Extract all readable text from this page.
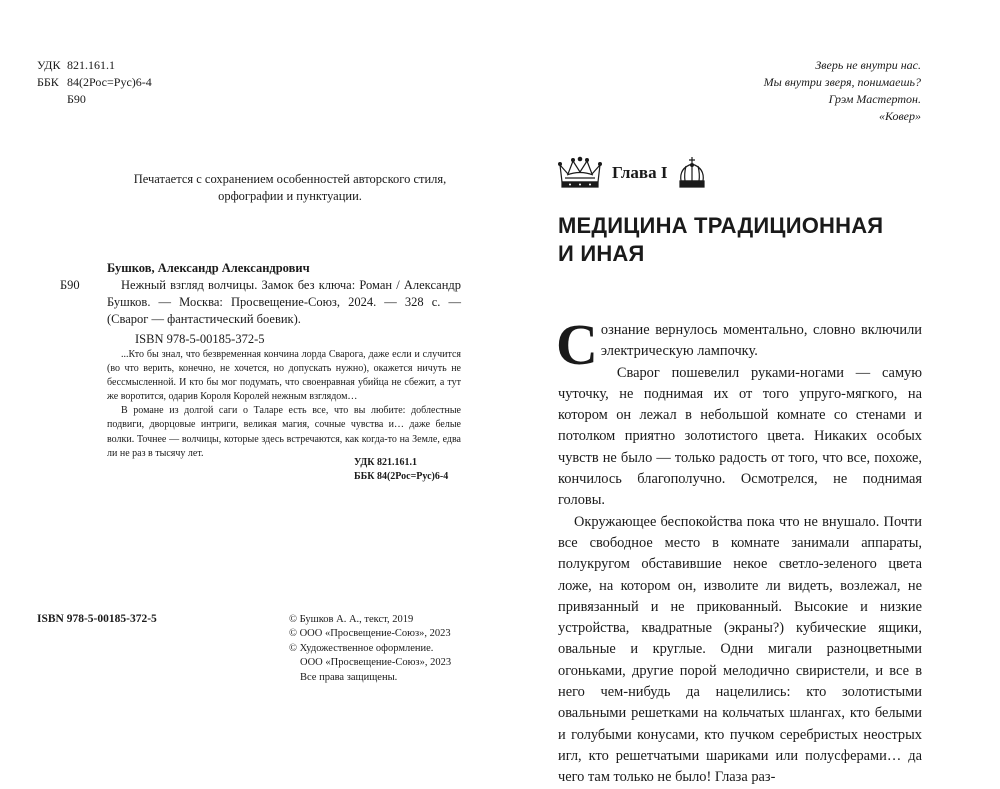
УДК 821.161.1
ББК 84(2Рос=Рус)6-4
Б90
Печатается с сохранением особенностей авторского стиля,
орфографии и пунктуации.
Б90
Бушков, Александр Александрович
Нежный взгляд волчицы. Замок без ключа: Роман / Александр Бушков. — Москва: Просвещение-Союз, 2024. — 328 с. — (Сварог — фантастический боевик).
ISBN 978-5-00185-372-5

...Кто бы знал, что безвременная кончина лорда Сварога, даже если и случится (во что верить, конечно, не хочется, но допускать нужно), окажется ничуть не бессмысленной. И кто бы мог подумать, что своенравная убийца не сбежит, а тут же воротится, одарив Короля Королей нежным взглядом…

В романе из долгой саги о Таларе есть все, что вы любите: доблестные подвиги, дворцовые интриги, великая магия, сочные чувства и… даже белые волки. Точнее — волчицы, которые здесь встречаются, как когда-то на Земле, едва ли не раз в тысячу лет.

УДК 821.161.1
ББК 84(2Рос=Рус)6-4
ISBN 978-5-00185-372-5	© Бушков А. А., текст, 2019
© ООО «Просвещение-Союз», 2023
© Художественное оформление.
ООО «Просвещение-Союз», 2023
Все права защищены.
Зверь не внутри нас.
Мы внутри зверя, понимаешь?
Грэм Мастертон.
«Ковер»
Глава I
МЕДИЦИНА ТРАДИЦИОННАЯ
И ИНАЯ

Сознание вернулось моментально, словно включили электрическую лампочку.

Сварог пошевелил руками-ногами — самую чуточку, не поднимая их от того упруго-мягкого, на котором он лежал в небольшой комнате со стенами и потолком приятно золотистого цвета. Никаких особых чувств не было — только радость от того, что все, похоже, кончилось благополучно. Осмотрелся, не поднимая головы.

Окружающее беспокойства пока что не внушало. Почти все свободное место в комнате занимали аппараты, полукругом обставившие некое светло-зеленого цвета ложе, на котором он, изволите ли видеть, возлежал, не привязанный и не прикованный. Высокие и низкие устройства, квадратные (экраны?) кубические ящики, овальные и круглые. Одни мигали разноцветными огоньками, другие порой мелодично свиристели, и все в него чем-нибудь да нацелились: кто золотистыми овальными решетками на кольчатых шлангах, кто белыми и голубыми конусами, кто пучком серебристых неострых игл, кто решетчатыми шариками или полусферами… да чего там только не было! Глаза раз-
